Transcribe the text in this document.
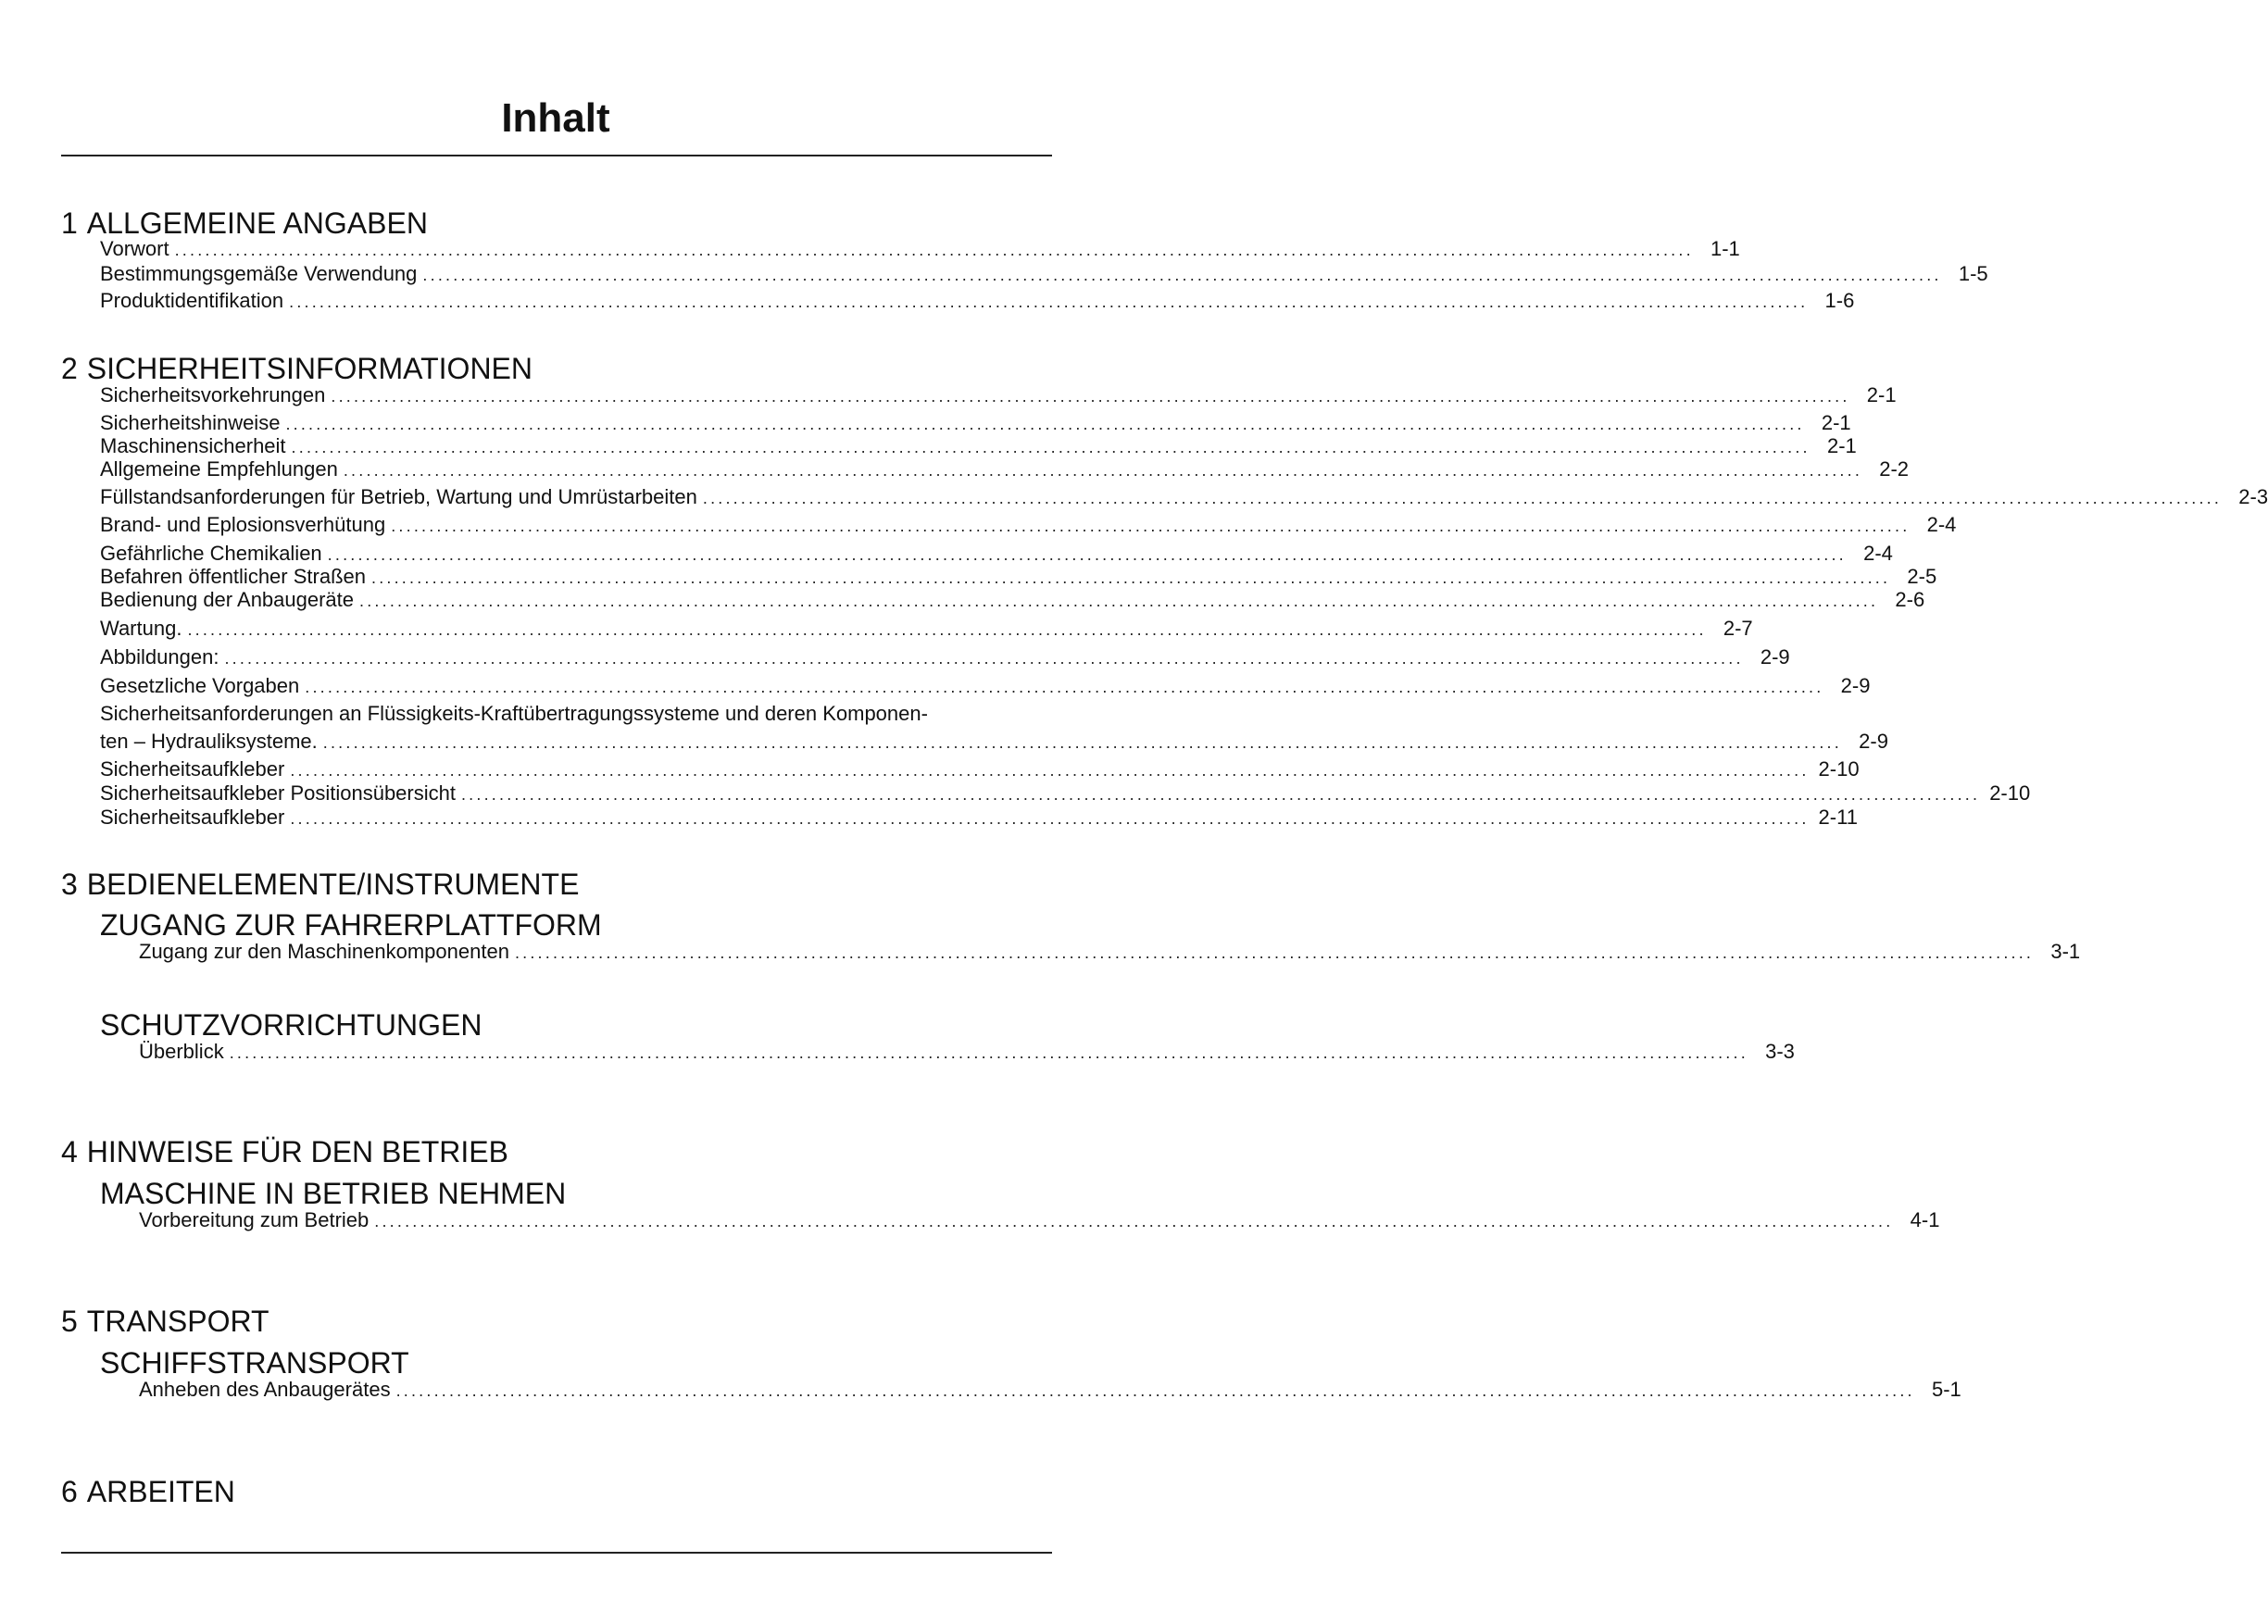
Inhalt
1 ALLGEMEINE ANGABEN
Vorwort ........................................................................................................................................................................................................ 1-1
Bestimmungsgemäße Verwendung ........................................................................................................................................................................................................ 1-5
Produktidentifikation ........................................................................................................................................................................................................ 1-6
2 SICHERHEITSINFORMATIONEN
Sicherheitsvorkehrungen ........................................................................................................................................................................................................ 2-1
Sicherheitshinweise ........................................................................................................................................................................................................ 2-1
Maschinensicherheit ........................................................................................................................................................................................................ 2-1
Allgemeine Empfehlungen ........................................................................................................................................................................................................ 2-2
Füllstandsanforderungen für Betrieb, Wartung und Umrüstarbeiten ........................................................................................................................................................................................................ 2-3
Brand- und Eplosionsverhütung ........................................................................................................................................................................................................ 2-4
Gefährliche Chemikalien ........................................................................................................................................................................................................ 2-4
Befahren öffentlicher Straßen ........................................................................................................................................................................................................ 2-5
Bedienung der Anbaugeräte ........................................................................................................................................................................................................ 2-6
Wartung. ........................................................................................................................................................................................................ 2-7
Abbildungen: ........................................................................................................................................................................................................ 2-9
Gesetzliche Vorgaben ........................................................................................................................................................................................................ 2-9
Sicherheitsanforderungen an Flüssigkeits-Kraftübertragungssysteme und deren Komponen-
ten – Hydrauliksysteme. ........................................................................................................................................................................................................ 2-9
Sicherheitsaufkleber ........................................................................................................................................................................................................ 2-10
Sicherheitsaufkleber Positionsübersicht ........................................................................................................................................................................................................ 2-10
Sicherheitsaufkleber ........................................................................................................................................................................................................ 2-11
3 BEDIENELEMENTE/INSTRUMENTE
ZUGANG ZUR FAHRERPLATTFORM
Zugang zur den Maschinenkomponenten ........................................................................................................................................................................................................ 3-1
SCHUTZVORRICHTUNGEN
Überblick ........................................................................................................................................................................................................ 3-3
4 HINWEISE FÜR DEN BETRIEB
MASCHINE IN BETRIEB NEHMEN
Vorbereitung zum Betrieb ........................................................................................................................................................................................................ 4-1
5 TRANSPORT
SCHIFFSTRANSPORT
Anheben des Anbaugerätes ........................................................................................................................................................................................................ 5-1
6 ARBEITEN
